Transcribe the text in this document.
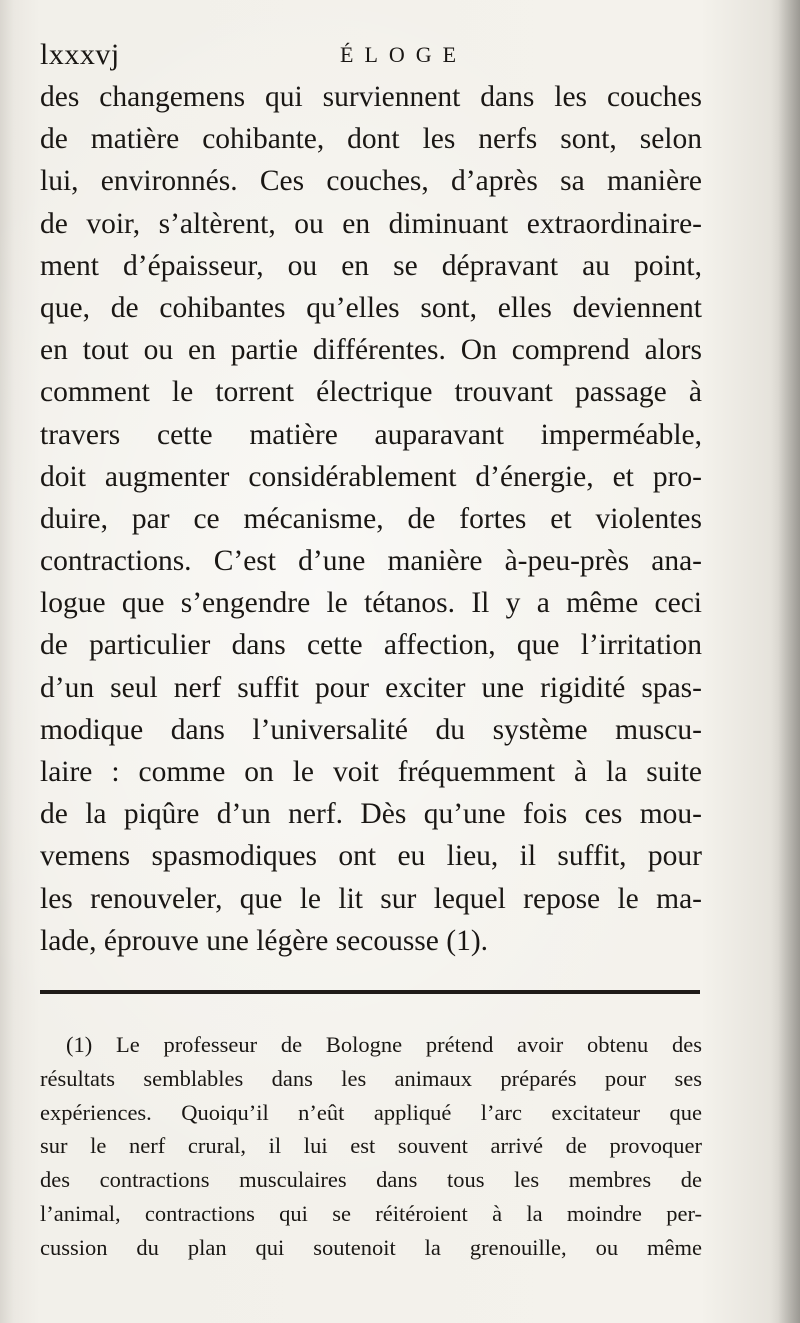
lxxxvj	ÉLOGE
des changemens qui surviennent dans les couches
de matière cohibante, dont les nerfs sont, selon
lui, environnés. Ces couches, d’après sa manière
de voir, s’altèrent, ou en diminuant extraordinaire-
ment d’épaisseur, ou en se dépravant au point,
que, de cohibantes qu’elles sont, elles deviennent
en tout ou en partie différentes. On comprend alors
comment le torrent électrique trouvant passage à
travers cette matière auparavant imperméable,
doit augmenter considérablement d’énergie, et pro-
duire, par ce mécanisme, de fortes et violentes
contractions. C’est d’une manière à-peu-près ana-
logue que s’engendre le tétanos. Il y a même ceci
de particulier dans cette affection, que l’irritation
d’un seul nerf suffit pour exciter une rigidité spas-
modique dans l’universalité du système muscu-
laire : comme on le voit fréquemment à la suite
de la piqûre d’un nerf. Dès qu’une fois ces mou-
vemens spasmodiques ont eu lieu, il suffit, pour
les renouveler, que le lit sur lequel repose le ma-
lade, éprouve une légère secousse (1).
(1) Le professeur de Bologne prétend avoir obtenu des
résultats semblables dans les animaux préparés pour ses
expériences. Quoiqu’il n’eût appliqué l’arc excitateur que
sur le nerf crural, il lui est souvent arrivé de provoquer
des contractions musculaires dans tous les membres de
l’animal, contractions qui se réitéroient à la moindre per-
cussion du plan qui soutenoit la grenouille, ou même
